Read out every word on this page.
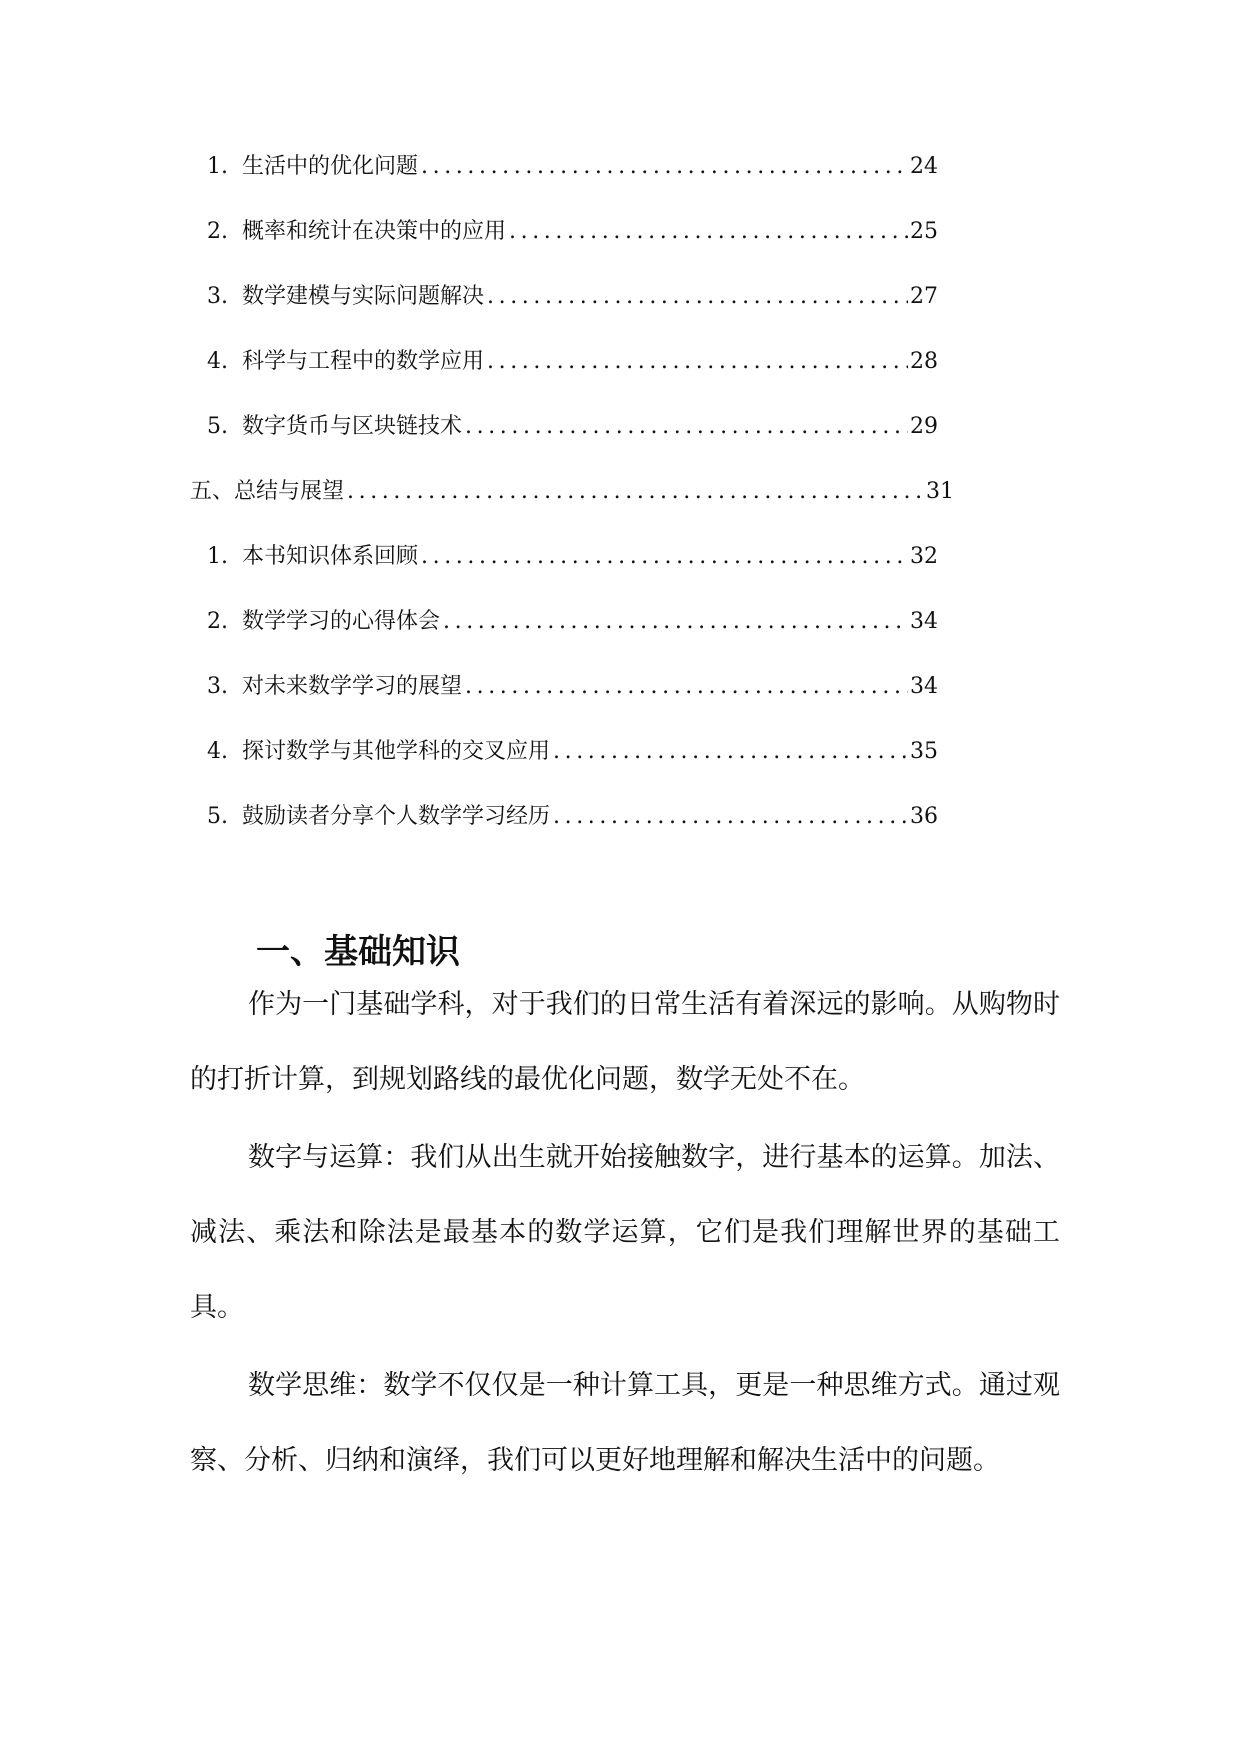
1. 生活中的优化问题 .....	24
2. 概率和统计在决策中的应用 .....	25
3. 数学建模与实际问题解决 .....	27
4. 科学与工程中的数学应用 .....	28
5. 数字货币与区块链技术 .....	29
五、总结与展望 .....	31
1. 本书知识体系回顾 .....	32
2. 数学学习的心得体会 .....	34
3. 对未来数学学习的展望 .....	34
4. 探讨数学与其他学科的交叉应用 .....	35
5. 鼓励读者分享个人数学学习经历 .....	36
一、基础知识

作为一门基础学科，对于我们的日常生活有着深远的影响。从购物时的打折计算，到规划路线的最优化问题，数学无处不在。

数字与运算：我们从出生就开始接触数字，进行基本的运算。加法、减法、乘法和除法是最基本的数学运算，它们是我们理解世界的基础工具。

数学思维：数学不仅仅是一种计算工具，更是一种思维方式。通过观察、分析、归纳和演绎，我们可以更好地理解和解决生活中的问题。
